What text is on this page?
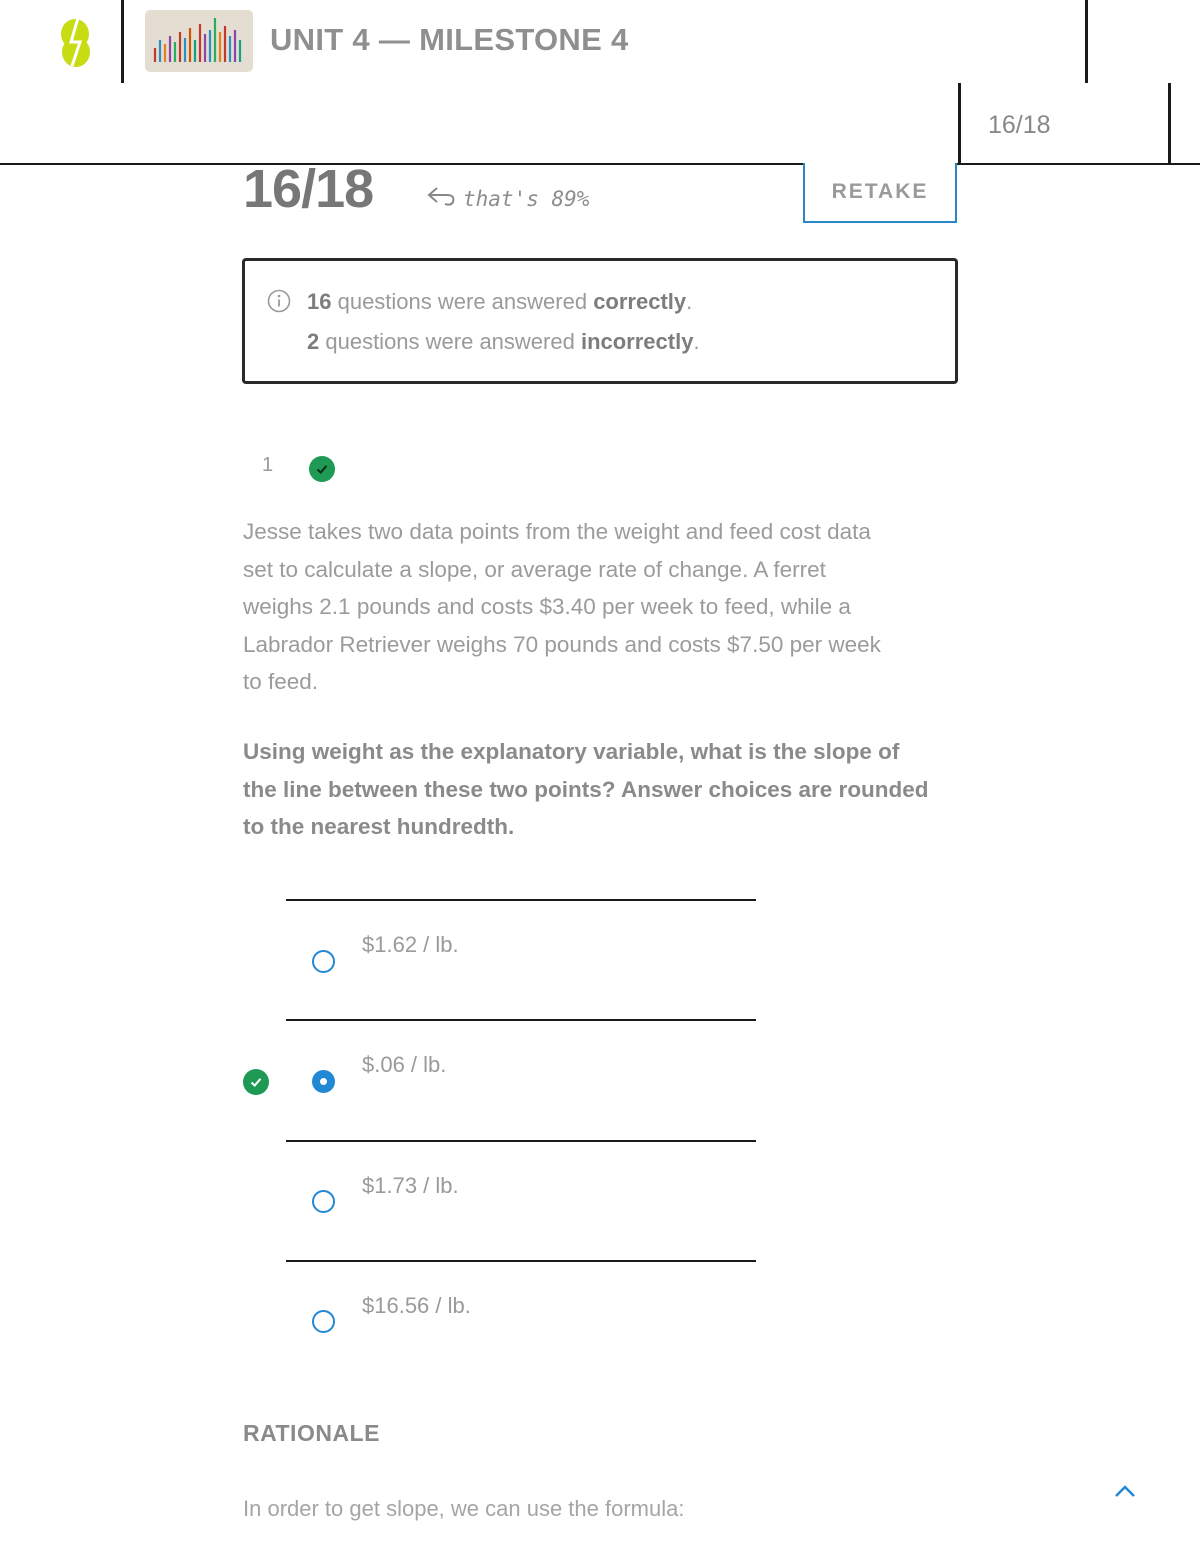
UNIT 4 — MILESTONE 4
16/18
16/18	that's 89%	RETAKE
16 questions were answered correctly.
2 questions were answered incorrectly.
1

Jesse takes two data points from the weight and feed cost data
set to calculate a slope, or average rate of change. A ferret
weighs 2.1 pounds and costs $3.40 per week to feed, while a
Labrador Retriever weighs 70 pounds and costs $7.50 per week
to feed.

Using weight as the explanatory variable, what is the slope of
the line between these two points? Answer choices are rounded
to the nearest hundredth.

$1.62 / lb.
$.06 / lb.
$1.73 / lb.
$16.56 / lb.
RATIONALE
In order to get slope, we can use the formula:
